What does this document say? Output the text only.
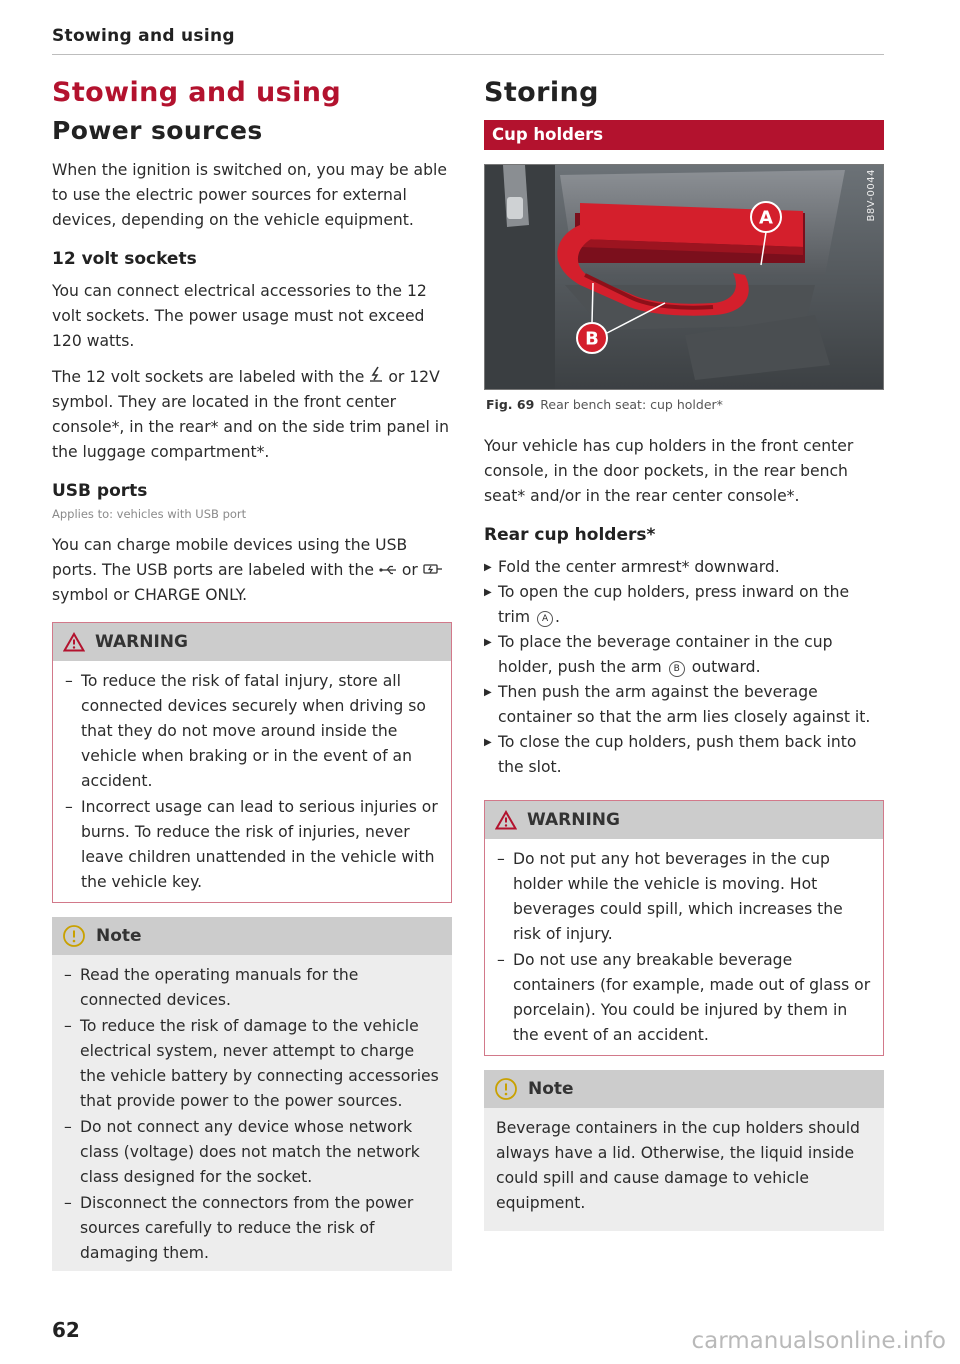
Stowing and using
Stowing and using
Power sources

When the ignition is switched on, you may be able to use the electric power sources for external devices, depending on the vehicle equipment.

12 volt sockets

You can connect electrical accessories to the 12 volt sockets. The power usage must not exceed 120 watts.

The 12 volt sockets are labeled with the or 12V symbol. They are located in the front center console*, in the rear* and on the side trim panel in the luggage compartment*.

USB ports
Applies to: vehicles with USB port

You can charge mobile devices using the USB ports. The USB ports are labeled with the or  symbol or CHARGE ONLY.

WARNING
– To reduce the risk of fatal injury, store all connected devices securely when driving so that they do not move around inside the vehicle when braking or in the event of an accident.
– Incorrect usage can lead to serious injuries or burns. To reduce the risk of injuries, never leave children unattended in the vehicle with the vehicle key.
Note
– Read the operating manuals for the connected devices.
– To reduce the risk of damage to the vehicle electrical system, never attempt to charge the vehicle battery by connecting accessories that provide power to the power sources.
– Do not connect any device whose network class (voltage) does not match the network class designed for the socket.
– Disconnect the connectors from the power sources carefully to reduce the risk of damaging them.
Storing
Cup holders
A
B
B8V-0044
Fig. 69 Rear bench seat: cup holder*

Your vehicle has cup holders in the front center console, in the door pockets, in the rear bench seat* and/or in the rear center console*.

Rear cup holders*
▶ Fold the center armrest* downward.
▶ To open the cup holders, press inward on the trim A .
▶ To place the beverage container in the cup holder, push the arm B outward.
▶ Then push the arm against the beverage container so that the arm lies closely against it.
▶ To close the cup holders, push them back into the slot.
WARNING
– Do not put any hot beverages in the cup holder while the vehicle is moving. Hot beverages could spill, which increases the risk of injury.
– Do not use any breakable beverage containers (for example, made out of glass or porcelain). You could be injured by them in the event of an accident.
Note

Beverage containers in the cup holders should always have a lid. Otherwise, the liquid inside could spill and cause damage to vehicle equipment.

62	carmanualsonline.info
